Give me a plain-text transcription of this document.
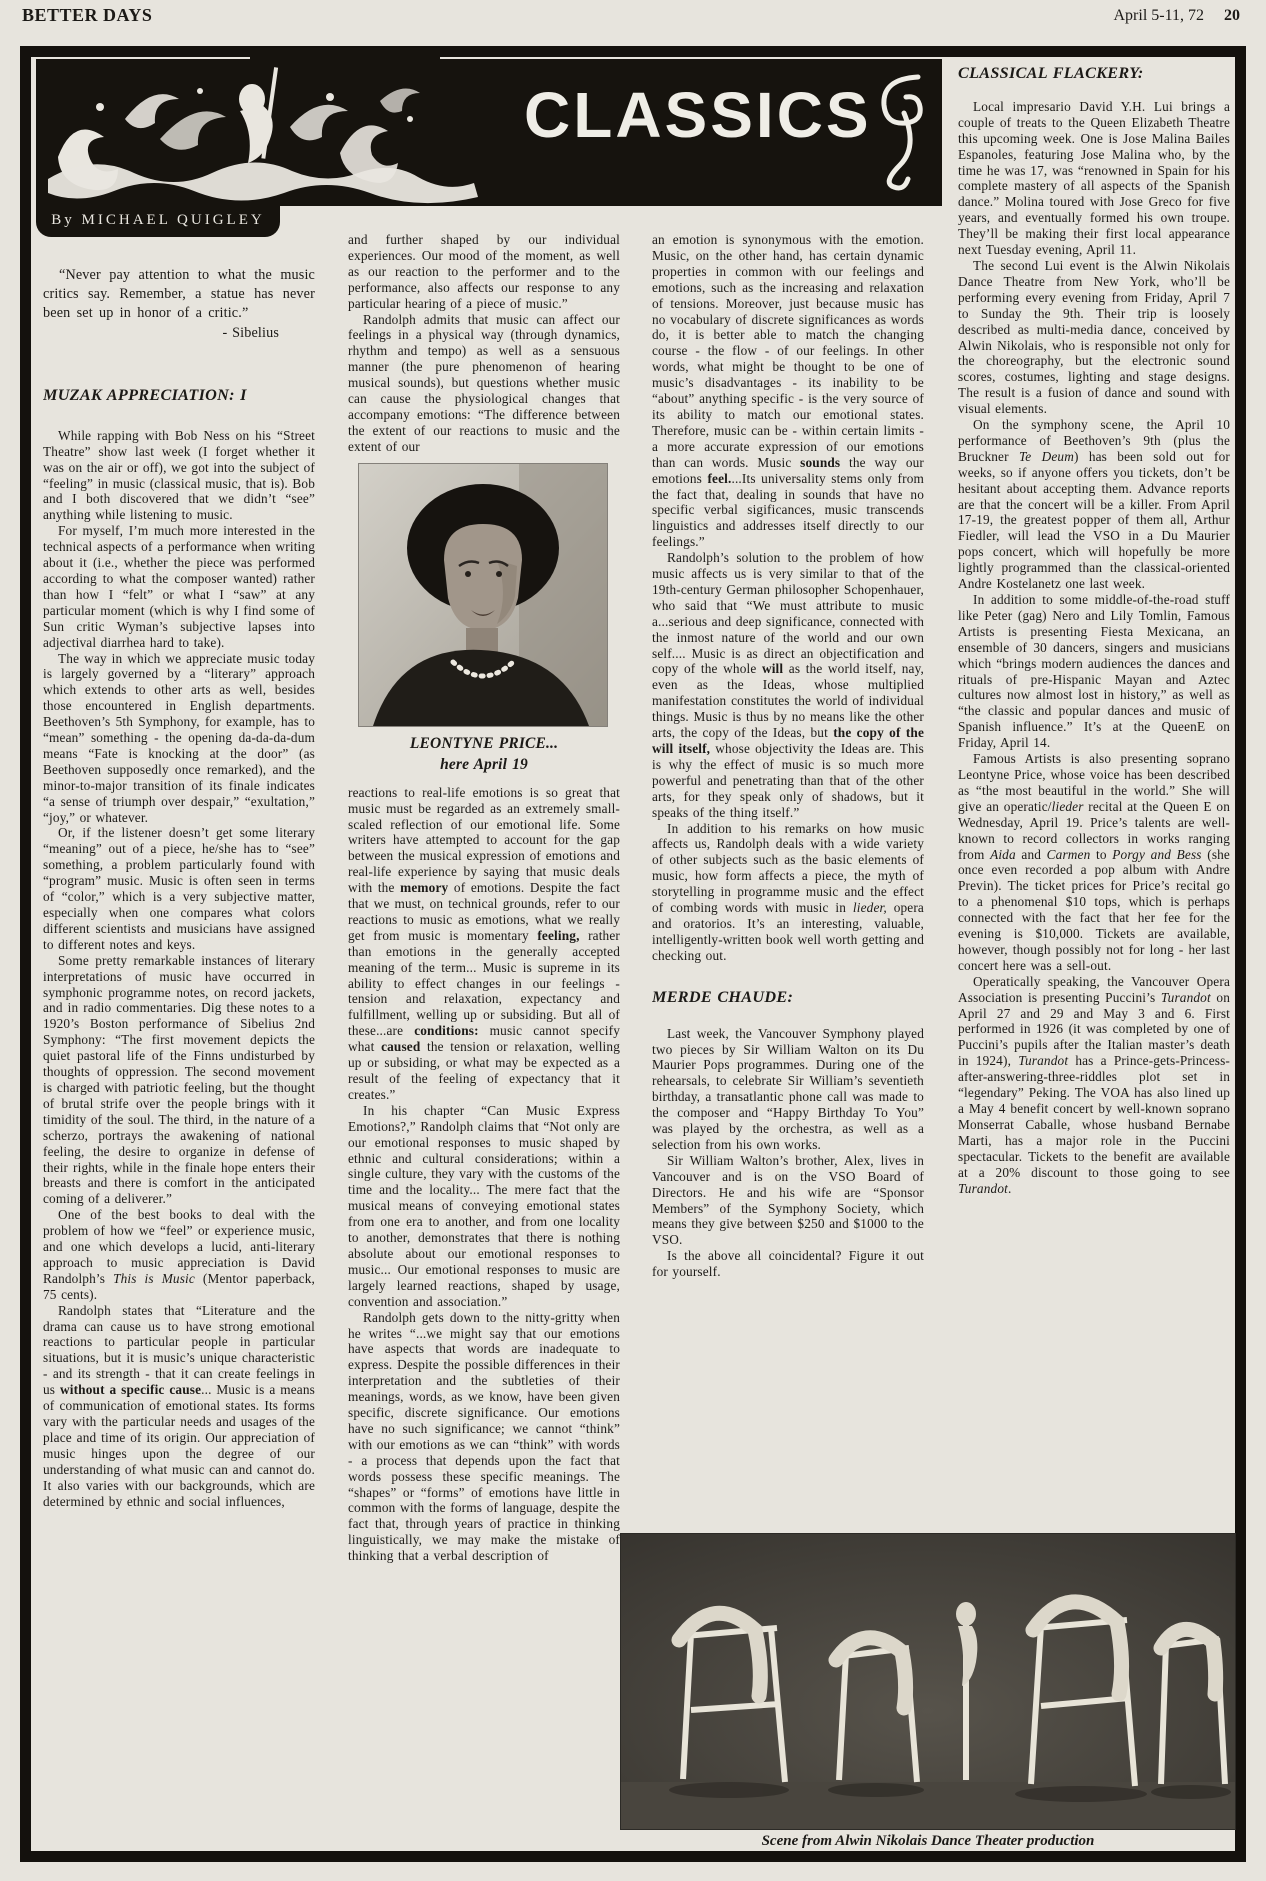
BETTER DAYS	April 5-11, 72 20
CLASSICS
By MICHAEL QUIGLEY

“Never pay attention to what the music critics say. Remember, a statue has never been set up in honor of a critic.”

- Sibelius

MUZAK APPRECIATION: I

While rapping with Bob Ness on his “Street Theatre” show last week (I forget whether it was on the air or off), we got into the subject of “feeling” in music (classical music, that is). Bob and I both discovered that we didn’t “see” anything while listening to music.

For myself, I’m much more interested in the technical aspects of a performance when writing about it (i.e., whether the piece was performed according to what the composer wanted) rather than how I “felt” or what I “saw” at any particular moment (which is why I find some of Sun critic Wyman’s subjective lapses into adjectival diarrhea hard to take).

The way in which we appreciate music today is largely governed by a “literary” approach which extends to other arts as well, besides those encountered in English departments. Beethoven’s 5th Symphony, for example, has to “mean” something - the opening da-da-da-dum means “Fate is knocking at the door” (as Beethoven supposedly once remarked), and the minor-to-major transition of its finale indicates “a sense of triumph over despair,” “exultation,” “joy,” or whatever.

Or, if the listener doesn’t get some literary “meaning” out of a piece, he/she has to “see” something, a problem particularly found with “program” music. Music is often seen in terms of “color,” which is a very subjective matter, especially when one compares what colors different scientists and musicians have assigned to different notes and keys.

Some pretty remarkable instances of literary interpretations of music have occurred in symphonic programme notes, on record jackets, and in radio commentaries. Dig these notes to a 1920’s Boston performance of Sibelius 2nd Symphony: “The first movement depicts the quiet pastoral life of the Finns undisturbed by thoughts of oppression. The second movement is charged with patriotic feeling, but the thought of brutal strife over the people brings with it timidity of the soul. The third, in the nature of a scherzo, portrays the awakening of national feeling, the desire to organize in defense of their rights, while in the finale hope enters their breasts and there is comfort in the anticipated coming of a deliverer.”

One of the best books to deal with the problem of how we “feel” or experience music, and one which develops a lucid, anti-literary approach to music appreciation is David Randolph’s This is Music (Mentor paperback, 75 cents).

Randolph states that “Literature and the drama can cause us to have strong emotional reactions to particular people in particular situations, but it is music’s unique characteristic - and its strength - that it can create feelings in us without a specific cause... Music is a means of communication of emotional states. Its forms vary with the particular needs and usages of the place and time of its origin. Our appreciation of music hinges upon the degree of our understanding of what music can and cannot do. It also varies with our backgrounds, which are determined by ethnic and social influences,

and further shaped by our individual experiences. Our mood of the moment, as well as our reaction to the performer and to the performance, also affects our response to any particular hearing of a piece of music.”

Randolph admits that music can affect our feelings in a physical way (through dynamics, rhythm and tempo) as well as a sensuous manner (the pure phenomenon of hearing musical sounds), but questions whether music can cause the physiological changes that accompany emotions: “The difference between the extent of our reactions to music and the extent of our

LEONTYNE PRICE...
here April 19

reactions to real-life emotions is so great that music must be regarded as an extremely small-scaled reflection of our emotional life. Some writers have attempted to account for the gap between the musical expression of emotions and real-life experience by saying that music deals with the memory of emotions. Despite the fact that we must, on technical grounds, refer to our reactions to music as emotions, what we really get from music is momentary feeling, rather than emotions in the generally accepted meaning of the term... Music is supreme in its ability to effect changes in our feelings - tension and relaxation, expectancy and fulfillment, welling up or subsiding. But all of these...are conditions: music cannot specify what caused the tension or relaxation, welling up or subsiding, or what may be expected as a result of the feeling of expectancy that it creates.”

In his chapter “Can Music Express Emotions?,” Randolph claims that “Not only are our emotional responses to music shaped by ethnic and cultural considerations; within a single culture, they vary with the customs of the time and the locality... The mere fact that the musical means of conveying emotional states from one era to another, and from one locality to another, demonstrates that there is nothing absolute about our emotional responses to music... Our emotional responses to music are largely learned reactions, shaped by usage, convention and association.”

Randolph gets down to the nitty-gritty when he writes “...we might say that our emotions have aspects that words are inadequate to express. Despite the possible differences in their interpretation and the subtleties of their meanings, words, as we know, have been given specific, discrete significance. Our emotions have no such significance; we cannot “think” with our emotions as we can “think” with words - a process that depends upon the fact that words possess these specific meanings. The “shapes” or “forms” of emotions have little in common with the forms of language, despite the fact that, through years of practice in thinking linguistically, we may make the mistake of thinking that a verbal description of

an emotion is synonymous with the emotion. Music, on the other hand, has certain dynamic properties in common with our feelings and emotions, such as the increasing and relaxation of tensions. Moreover, just because music has no vocabulary of discrete significances as words do, it is better able to match the changing course - the flow - of our feelings. In other words, what might be thought to be one of music’s disadvantages - its inability to be “about” anything specific - is the very source of its ability to match our emotional states. Therefore, music can be - within certain limits - a more accurate expression of our emotions than can words. Music sounds the way our emotions feel....Its universality stems only from the fact that, dealing in sounds that have no specific verbal sigificances, music transcends linguistics and addresses itself directly to our feelings.”

Randolph’s solution to the problem of how music affects us is very similar to that of the 19th-century German philosopher Schopenhauer, who said that “We must attribute to music a...serious and deep significance, connected with the inmost nature of the world and our own self.... Music is as direct an objectification and copy of the whole will as the world itself, nay, even as the Ideas, whose multiplied manifestation constitutes the world of individual things. Music is thus by no means like the other arts, the copy of the Ideas, but the copy of the will itself, whose objectivity the Ideas are. This is why the effect of music is so much more powerful and penetrating than that of the other arts, for they speak only of shadows, but it speaks of the thing itself.”

In addition to his remarks on how music affects us, Randolph deals with a wide variety of other subjects such as the basic elements of music, how form affects a piece, the myth of storytelling in programme music and the effect of combing words with music in lieder, opera and oratorios. It’s an interesting, valuable, intelligently-written book well worth getting and checking out.

MERDE CHAUDE:

Last week, the Vancouver Symphony played two pieces by Sir William Walton on its Du Maurier Pops programmes. During one of the rehearsals, to celebrate Sir William’s seventieth birthday, a transatlantic phone call was made to the composer and “Happy Birthday To You” was played by the orchestra, as well as a selection from his own works.

Sir William Walton’s brother, Alex, lives in Vancouver and is on the VSO Board of Directors. He and his wife are “Sponsor Members” of the Symphony Society, which means they give between $250 and $1000 to the VSO.

Is the above all coincidental? Figure it out for yourself.

CLASSICAL FLACKERY:

Local impresario David Y.H. Lui brings a couple of treats to the Queen Elizabeth Theatre this upcoming week. One is Jose Malina Bailes Espanoles, featuring Jose Malina who, by the time he was 17, was “renowned in Spain for his complete mastery of all aspects of the Spanish dance.” Molina toured with Jose Greco for five years, and eventually formed his own troupe. They’ll be making their first local appearance next Tuesday evening, April 11.

The second Lui event is the Alwin Nikolais Dance Theatre from New York, who’ll be performing every evening from Friday, April 7 to Sunday the 9th. Their trip is loosely described as multi-media dance, conceived by Alwin Nikolais, who is responsible not only for the choreography, but the electronic sound scores, costumes, lighting and stage designs. The result is a fusion of dance and sound with visual elements.

On the symphony scene, the April 10 performance of Beethoven’s 9th (plus the Bruckner Te Deum) has been sold out for weeks, so if anyone offers you tickets, don’t be hesitant about accepting them. Advance reports are that the concert will be a killer. From April 17-19, the greatest popper of them all, Arthur Fiedler, will lead the VSO in a Du Maurier pops concert, which will hopefully be more lightly programmed than the classical-oriented Andre Kostelanetz one last week.

In addition to some middle-of-the-road stuff like Peter (gag) Nero and Lily Tomlin, Famous Artists is presenting Fiesta Mexicana, an ensemble of 30 dancers, singers and musicians which “brings modern audiences the dances and rituals of pre-Hispanic Mayan and Aztec cultures now almost lost in history,” as well as “the classic and popular dances and music of Spanish influence.” It’s at the QueenE on Friday, April 14.

Famous Artists is also presenting soprano Leontyne Price, whose voice has been described as “the most beautiful in the world.” She will give an operatic/lieder recital at the Queen E on Wednesday, April 19. Price’s talents are well-known to record collectors in works ranging from Aida and Carmen to Porgy and Bess (she once even recorded a pop album with Andre Previn). The ticket prices for Price’s recital go to a phenomenal $10 tops, which is perhaps connected with the fact that her fee for the evening is $10,000. Tickets are available, however, though possibly not for long - her last concert here was a sell-out.

Operatically speaking, the Vancouver Opera Association is presenting Puccini’s Turandot on April 27 and 29 and May 3 and 6. First performed in 1926 (it was completed by one of Puccini’s pupils after the Italian master’s death in 1924), Turandot has a Prince-gets-Princess-after-answering-three-riddles plot set in “legendary” Peking. The VOA has also lined up a May 4 benefit concert by well-known soprano Monserrat Caballe, whose husband Bernabe Marti, has a major role in the Puccini spectacular. Tickets to the benefit are available at a 20% discount to those going to see Turandot.

Scene from Alwin Nikolais Dance Theater production
